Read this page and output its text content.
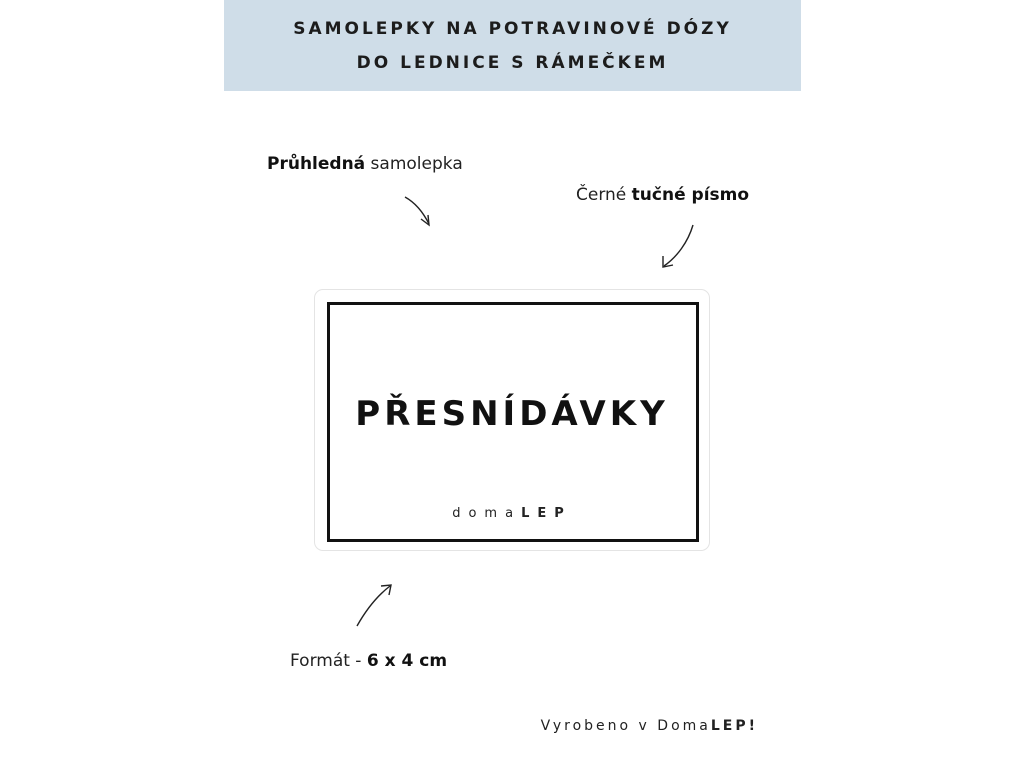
SAMOLEPKY NA POTRAVINOVÉ DÓZY
DO LEDNICE S RÁMEČKEM
Průhledná samolepka
Černé tučné písmo
Formát - 6 x 4 cm
PŘESNÍDÁVKY
domaLEP
Vyrobeno v DomaLEP!
